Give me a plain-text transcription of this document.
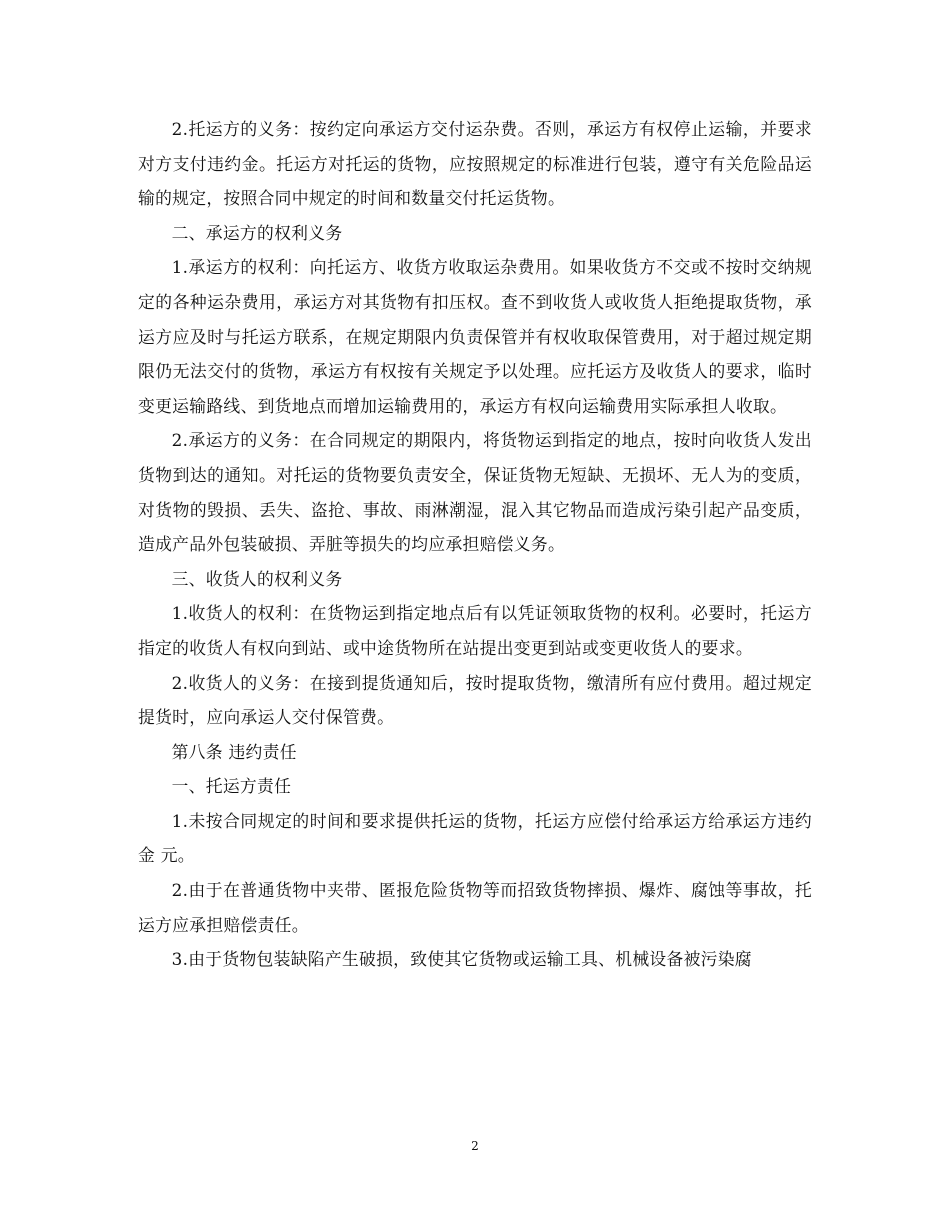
2.托运方的义务：按约定向承运方交付运杂费。否则，承运方有权停止运输，并要求对方支付违约金。托运方对托运的货物，应按照规定的标准进行包装，遵守有关危险品运输的规定，按照合同中规定的时间和数量交付托运货物。

二、承运方的权利义务

1.承运方的权利：向托运方、收货方收取运杂费用。如果收货方不交或不按时交纳规定的各种运杂费用，承运方对其货物有扣压权。查不到收货人或收货人拒绝提取货物，承运方应及时与托运方联系，在规定期限内负责保管并有权收取保管费用，对于超过规定期限仍无法交付的货物，承运方有权按有关规定予以处理。应托运方及收货人的要求，临时变更运输路线、到货地点而增加运输费用的，承运方有权向运输费用实际承担人收取。

2.承运方的义务：在合同规定的期限内，将货物运到指定的地点，按时向收货人发出货物到达的通知。对托运的货物要负责安全，保证货物无短缺、无损坏、无人为的变质，对货物的毁损、丢失、盗抢、事故、雨淋潮湿，混入其它物品而造成污染引起产品变质，造成产品外包装破损、弄脏等损失的均应承担赔偿义务。

三、收货人的权利义务

1.收货人的权利：在货物运到指定地点后有以凭证领取货物的权利。必要时，托运方指定的收货人有权向到站、或中途货物所在站提出变更到站或变更收货人的要求。

2.收货人的义务：在接到提货通知后，按时提取货物，缴清所有应付费用。超过规定提货时，应向承运人交付保管费。

第八条 违约责任

一、托运方责任

1.未按合同规定的时间和要求提供托运的货物，托运方应偿付给承运方给承运方违约金 元。

2.由于在普通货物中夹带、匿报危险货物等而招致货物摔损、爆炸、腐蚀等事故，托运方应承担赔偿责任。

3.由于货物包装缺陷产生破损，致使其它货物或运输工具、机械设备被污染腐

2
